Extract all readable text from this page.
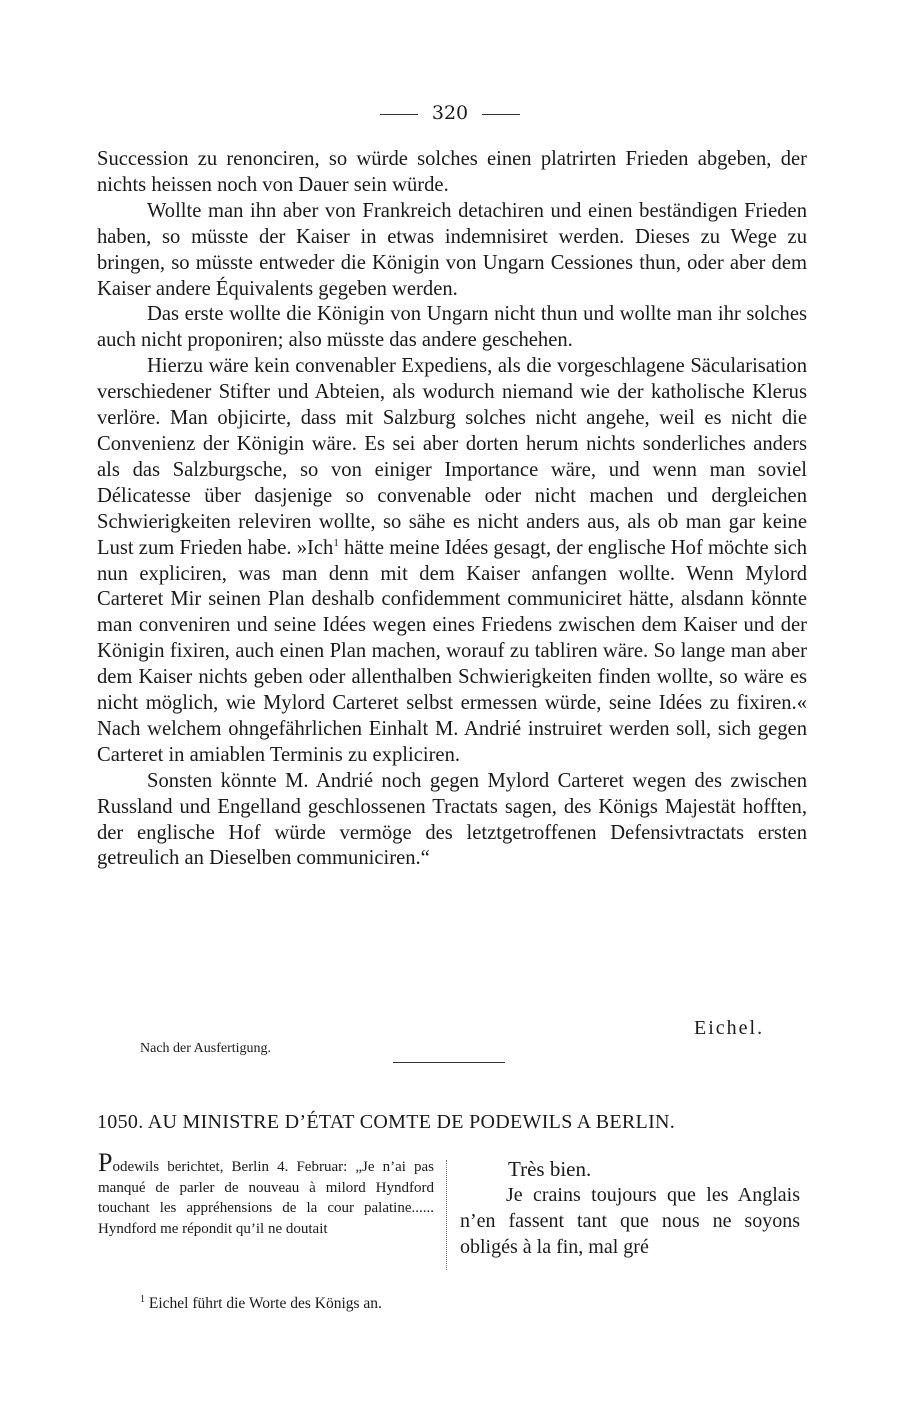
320

Succession zu renonciren, so würde solches einen platrirten Frieden abgeben, der nichts heissen noch von Dauer sein würde.

Wollte man ihn aber von Frankreich detachiren und einen beständigen Frieden haben, so müsste der Kaiser in etwas indemnisiret werden. Dieses zu Wege zu bringen, so müsste entweder die Königin von Ungarn Cessiones thun, oder aber dem Kaiser andere Équivalents gegeben werden.

Das erste wollte die Königin von Ungarn nicht thun und wollte man ihr solches auch nicht proponiren; also müsste das andere geschehen.

Hierzu wäre kein convenabler Expediens, als die vorgeschlagene Säcularisation verschiedener Stifter und Abteien, als wodurch niemand wie der katholische Klerus verlöre. Man objicirte, dass mit Salzburg solches nicht angehe, weil es nicht die Convenienz der Königin wäre. Es sei aber dorten herum nichts sonderliches anders als das Salzburgsche, so von einiger Importance wäre, und wenn man soviel Délicatesse über dasjenige so convenable oder nicht machen und dergleichen Schwierigkeiten releviren wollte, so sähe es nicht anders aus, als ob man gar keine Lust zum Frieden habe. »Ich$^1$ hätte meine Idées gesagt, der englische Hof möchte sich nun expliciren, was man denn mit dem Kaiser anfangen wollte. Wenn Mylord Carteret Mir seinen Plan deshalb confidemment communiciret hätte, alsdann könnte man conveniren und seine Idées wegen eines Friedens zwischen dem Kaiser und der Königin fixiren, auch einen Plan machen, worauf zu tabliren wäre. So lange man aber dem Kaiser nichts geben oder allenthalben Schwierigkeiten finden wollte, so wäre es nicht möglich, wie Mylord Carteret selbst ermessen würde, seine Idées zu fixiren.« Nach welchem ohngefährlichen Einhalt M. Andrié instruiret werden soll, sich gegen Carteret in amiablen Terminis zu expliciren.

Sonsten könnte M. Andrié noch gegen Mylord Carteret wegen des zwischen Russland und Engelland geschlossenen Tractats sagen, des Königs Majestät hofften, der englische Hof würde vermöge des letztgetroffenen Defensivtractats ersten getreulich an Dieselben communiciren.“

Eichel.
Nach der Ausfertigung.
1050. AU MINISTRE D’ÉTAT COMTE DE PODEWILS A BERLIN.
Podewils berichtet, Berlin 4. Februar: „Je n’ai pas manqué de parler de nouveau à milord Hyndford touchant les appréhensions de la cour palatine...... Hyndford me répondit qu’il ne doutait
Très bien.
Je crains toujours que les Anglais n’en fassent tant que nous ne soyons obligés à la fin, mal gré
$^1$ Eichel führt die Worte des Königs an.
